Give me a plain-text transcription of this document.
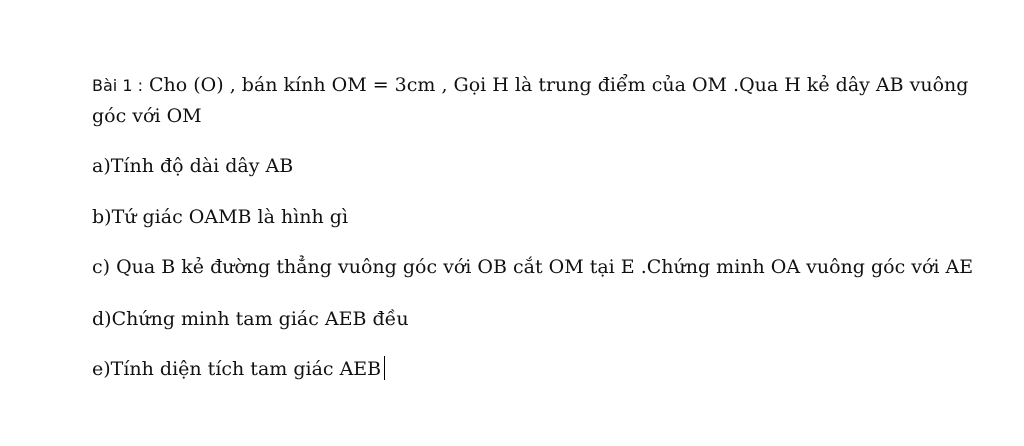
Bài 1 : Cho (O) , bán kính OM = 3cm , Gọi H là trung điểm của OM .Qua H kẻ dây AB vuông

góc với OM

a)Tính độ dài dây AB

b)Tứ giác OAMB là hình gì

c) Qua B kẻ đường thẳng vuông góc với OB cắt OM tại E .Chứng minh OA vuông góc với AE

d)Chứng minh tam giác AEB đều

e)Tính diện tích tam giác AEB
